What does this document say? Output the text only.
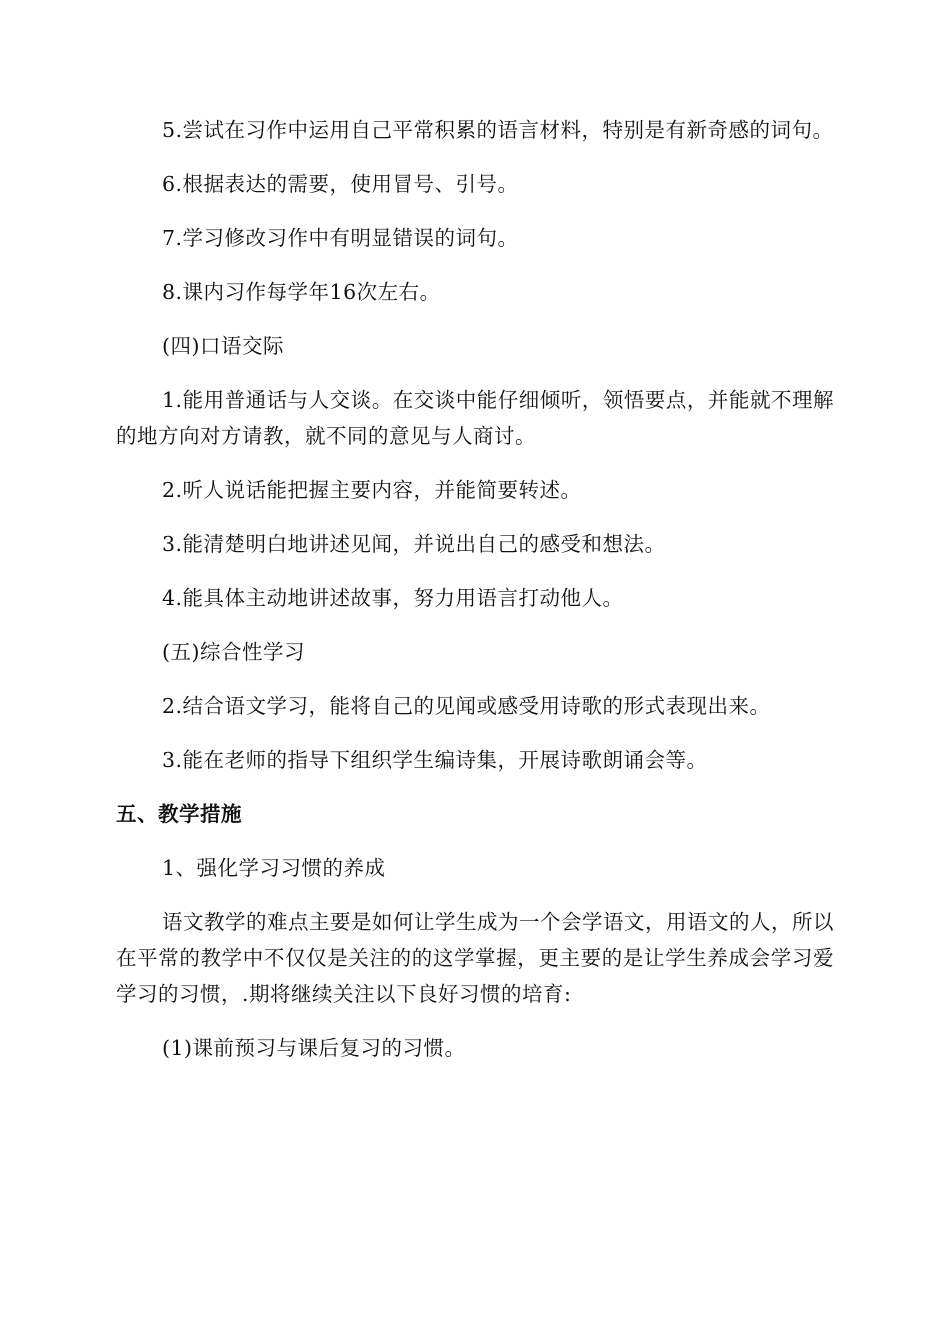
5.尝试在习作中运用自己平常积累的语言材料，特别是有新奇感的词句。

6.根据表达的需要，使用冒号、引号。

7.学习修改习作中有明显错误的词句。

8.课内习作每学年16次左右。

(四)口语交际

1.能用普通话与人交谈。在交谈中能仔细倾听，领悟要点，并能就不理解的地方向对方请教，就不同的意见与人商讨。

2.听人说话能把握主要内容，并能简要转述。

3.能清楚明白地讲述见闻，并说出自己的感受和想法。

4.能具体主动地讲述故事，努力用语言打动他人。

(五)综合性学习

2.结合语文学习，能将自己的见闻或感受用诗歌的形式表现出来。

3.能在老师的指导下组织学生编诗集，开展诗歌朗诵会等。

五、教学措施

1、强化学习习惯的养成

语文教学的难点主要是如何让学生成为一个会学语文，用语文的人，所以在平常的教学中不仅仅是关注的的这学掌握，更主要的是让学生养成会学习爱学习的习惯，.期将继续关注以下良好习惯的培育:

(1)课前预习与课后复习的习惯。
